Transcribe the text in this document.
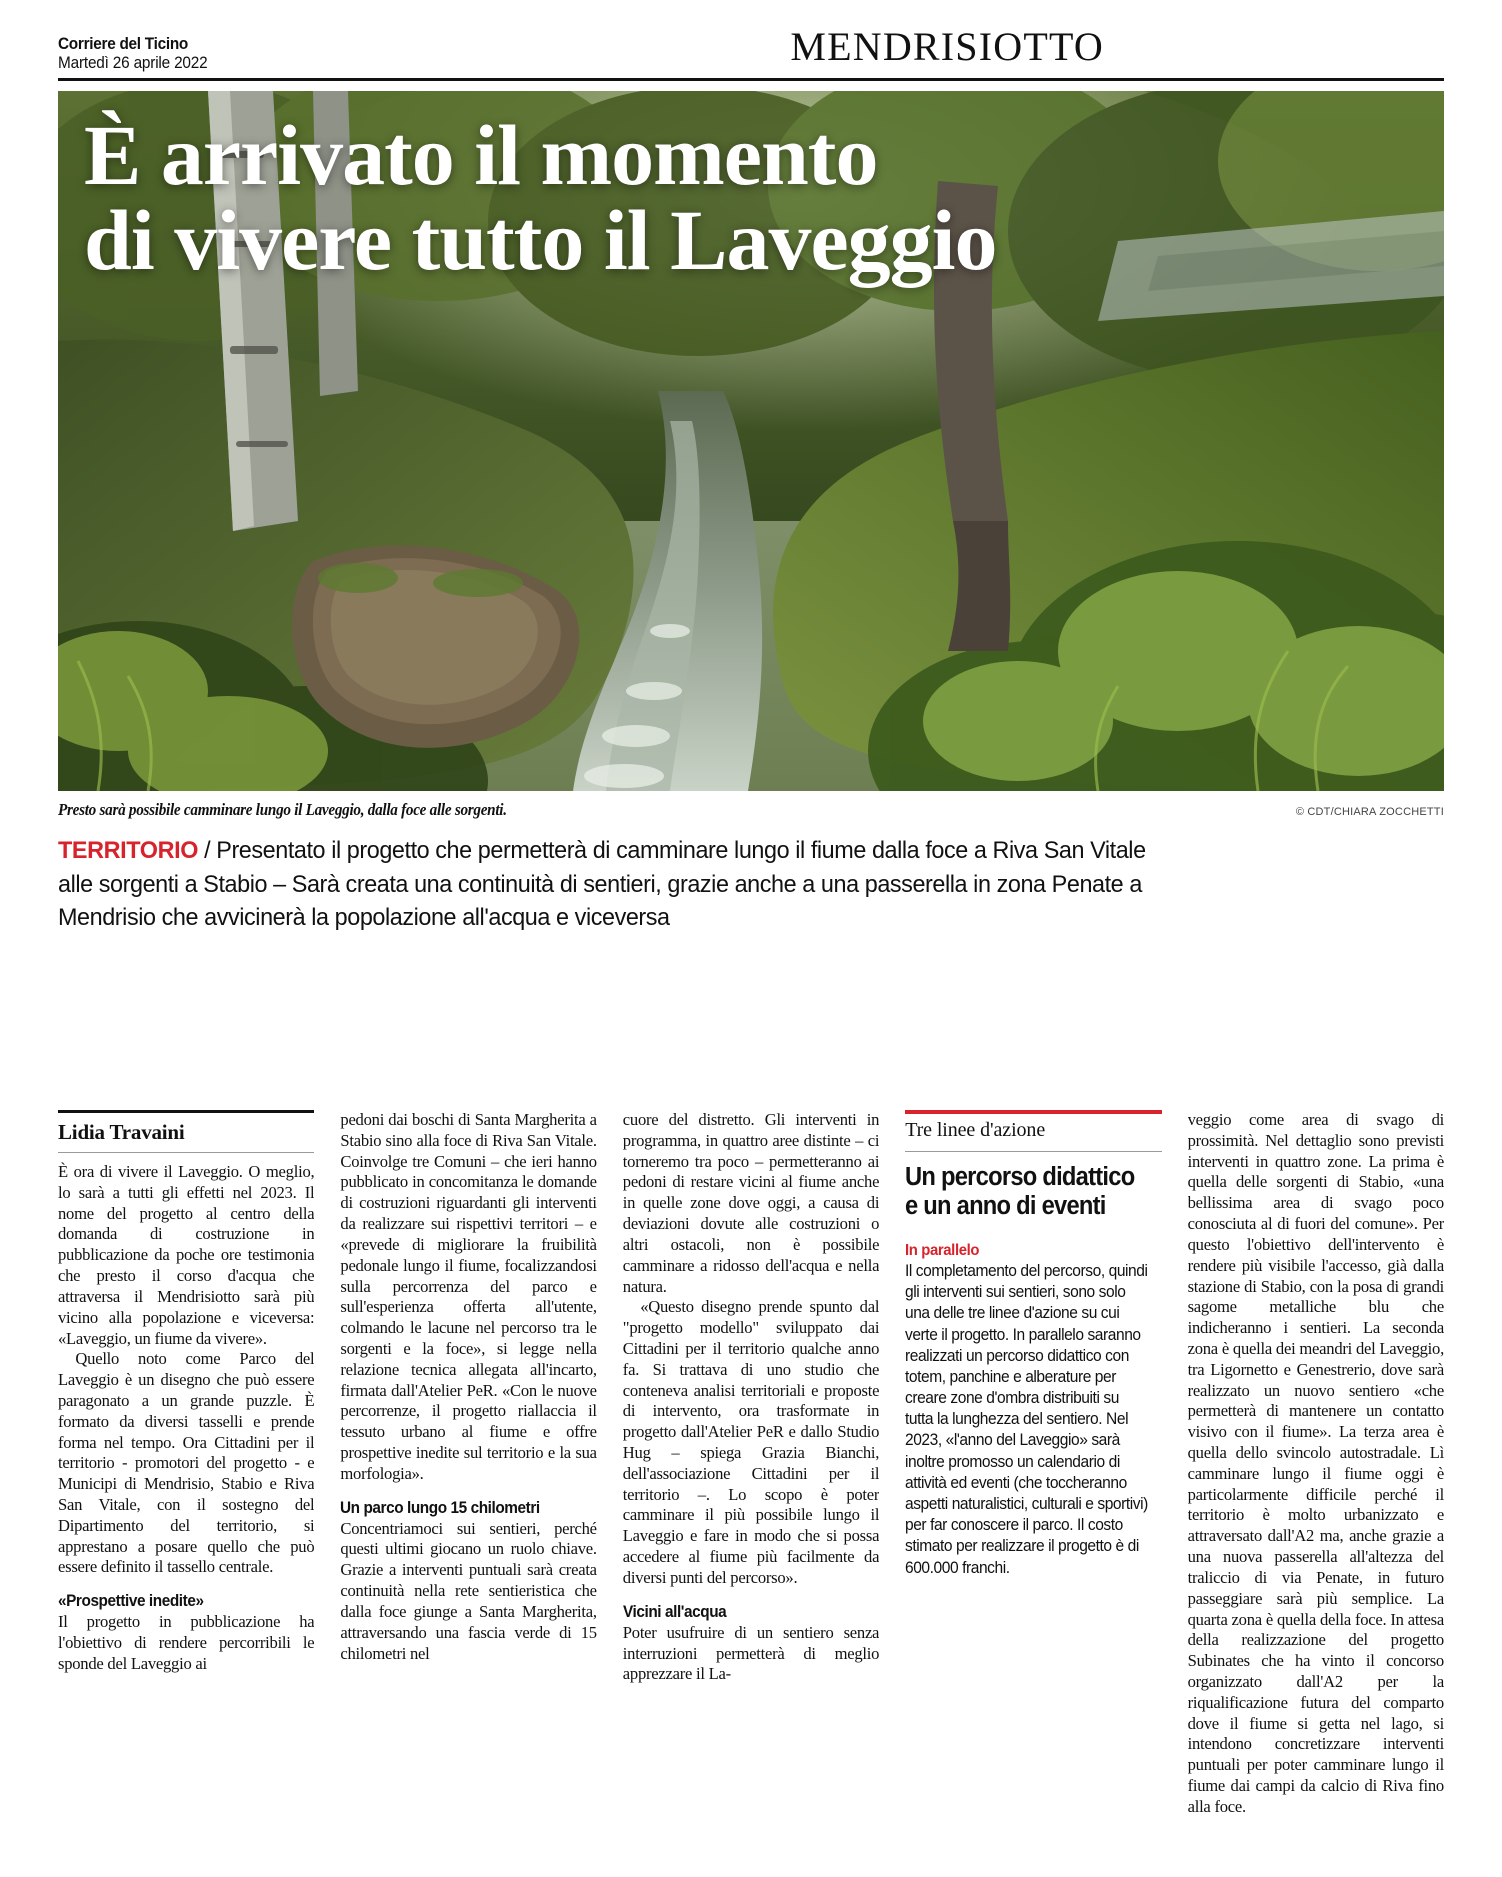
Corriere del Ticino
Martedì 26 aprile 2022	MENDRISIOTTO
È arrivato il momento
di vivere tutto il Laveggio
Presto sarà possibile camminare lungo il Laveggio, dalla foce alle sorgenti.	© CDT/CHIARA ZOCCHETTI
TERRITORIO / Presentato il progetto che permetterà di camminare lungo il fiume dalla foce a Riva San Vitale alle sorgenti a Stabio – Sarà creata una continuità di sentieri, grazie anche a una passerella in zona Penate a Mendrisio che avvicinerà la popolazione all'acqua e viceversa
Lidia Travaini

È ora di vivere il Laveggio. O meglio, lo sarà a tutti gli effetti nel 2023. Il nome del progetto al centro della domanda di costruzione in pubblicazione da poche ore testimonia che presto il corso d'acqua che attraversa il Mendrisiotto sarà più vicino alla popolazione e viceversa: «Laveggio, un fiume da vivere».

Quello noto come Parco del Laveggio è un disegno che può essere paragonato a un grande puzzle. È formato da diversi tasselli e prende forma nel tempo. Ora Cittadini per il territorio - promotori del progetto - e Municipi di Mendrisio, Stabio e Riva San Vitale, con il sostegno del Dipartimento del territorio, si apprestano a posare quello che può essere definito il tassello centrale.

«Prospettive inedite»

Il progetto in pubblicazione ha l'obiettivo di rendere percorribili le sponde del Laveggio ai

pedoni dai boschi di Santa Margherita a Stabio sino alla foce di Riva San Vitale. Coinvolge tre Comuni – che ieri hanno pubblicato in concomitanza le domande di costruzioni riguardanti gli interventi da realizzare sui rispettivi territori – e «prevede di migliorare la fruibilità pedonale lungo il fiume, focalizzandosi sulla percorrenza del parco e sull'esperienza offerta all'utente, colmando le lacune nel percorso tra le sorgenti e la foce», si legge nella relazione tecnica allegata all'incarto, firmata dall'Atelier PeR. «Con le nuove percorrenze, il progetto riallaccia il tessuto urbano al fiume e offre prospettive inedite sul territorio e la sua morfologia».

Un parco lungo 15 chilometri

Concentriamoci sui sentieri, perché questi ultimi giocano un ruolo chiave. Grazie a interventi puntuali sarà creata continuità nella rete sentieristica che dalla foce giunge a Santa Margherita, attraversando una fascia verde di 15 chilometri nel

cuore del distretto. Gli interventi in programma, in quattro aree distinte – ci torneremo tra poco – permetteranno ai pedoni di restare vicini al fiume anche in quelle zone dove oggi, a causa di deviazioni dovute alle costruzioni o altri ostacoli, non è possibile camminare a ridosso dell'acqua e nella natura.

«Questo disegno prende spunto dal "progetto modello" sviluppato dai Cittadini per il territorio qualche anno fa. Si trattava di uno studio che conteneva analisi territoriali e proposte di intervento, ora trasformate in progetto dall'Atelier PeR e dallo Studio Hug – spiega Grazia Bianchi, dell'associazione Cittadini per il territorio –. Lo scopo è poter camminare il più possibile lungo il Laveggio e fare in modo che si possa accedere al fiume più facilmente da diversi punti del percorso».

Vicini all'acqua

Poter usufruire di un sentiero senza interruzioni permetterà di meglio apprezzare il La-

Tre linee d'azione
Un percorso didattico
e un anno di eventi
In parallelo

Il completamento del percorso, quindi gli interventi sui sentieri, sono solo una delle tre linee d'azione su cui verte il progetto. In parallelo saranno realizzati un percorso didattico con totem, panchine e alberature per creare zone d'ombra distribuiti su tutta la lunghezza del sentiero. Nel 2023, «l'anno del Laveggio» sarà inoltre promosso un calendario di attività ed eventi (che toccheranno aspetti naturalistici, culturali e sportivi) per far conoscere il parco. Il costo stimato per realizzare il progetto è di 600.000 franchi.

veggio come area di svago di prossimità. Nel dettaglio sono previsti interventi in quattro zone. La prima è quella delle sorgenti di Stabio, «una bellissima area di svago poco conosciuta al di fuori del comune». Per questo l'obiettivo dell'intervento è rendere più visibile l'accesso, già dalla stazione di Stabio, con la posa di grandi sagome metalliche blu che indicheranno i sentieri. La seconda zona è quella dei meandri del Laveggio, tra Ligornetto e Genestrerio, dove sarà realizzato un nuovo sentiero «che permetterà di mantenere un contatto visivo con il fiume». La terza area è quella dello svincolo autostradale. Lì camminare lungo il fiume oggi è particolarmente difficile perché il territorio è molto urbanizzato e attraversato dall'A2 ma, anche grazie a una nuova passerella all'altezza del traliccio di via Penate, in futuro passeggiare sarà più semplice. La quarta zona è quella della foce. In attesa della realizzazione del progetto Subinates che ha vinto il concorso organizzato dall'A2 per la riqualificazione futura del comparto dove il fiume si getta nel lago, si intendono concretizzare interventi puntuali per poter camminare lungo il fiume dai campi da calcio di Riva fino alla foce.
